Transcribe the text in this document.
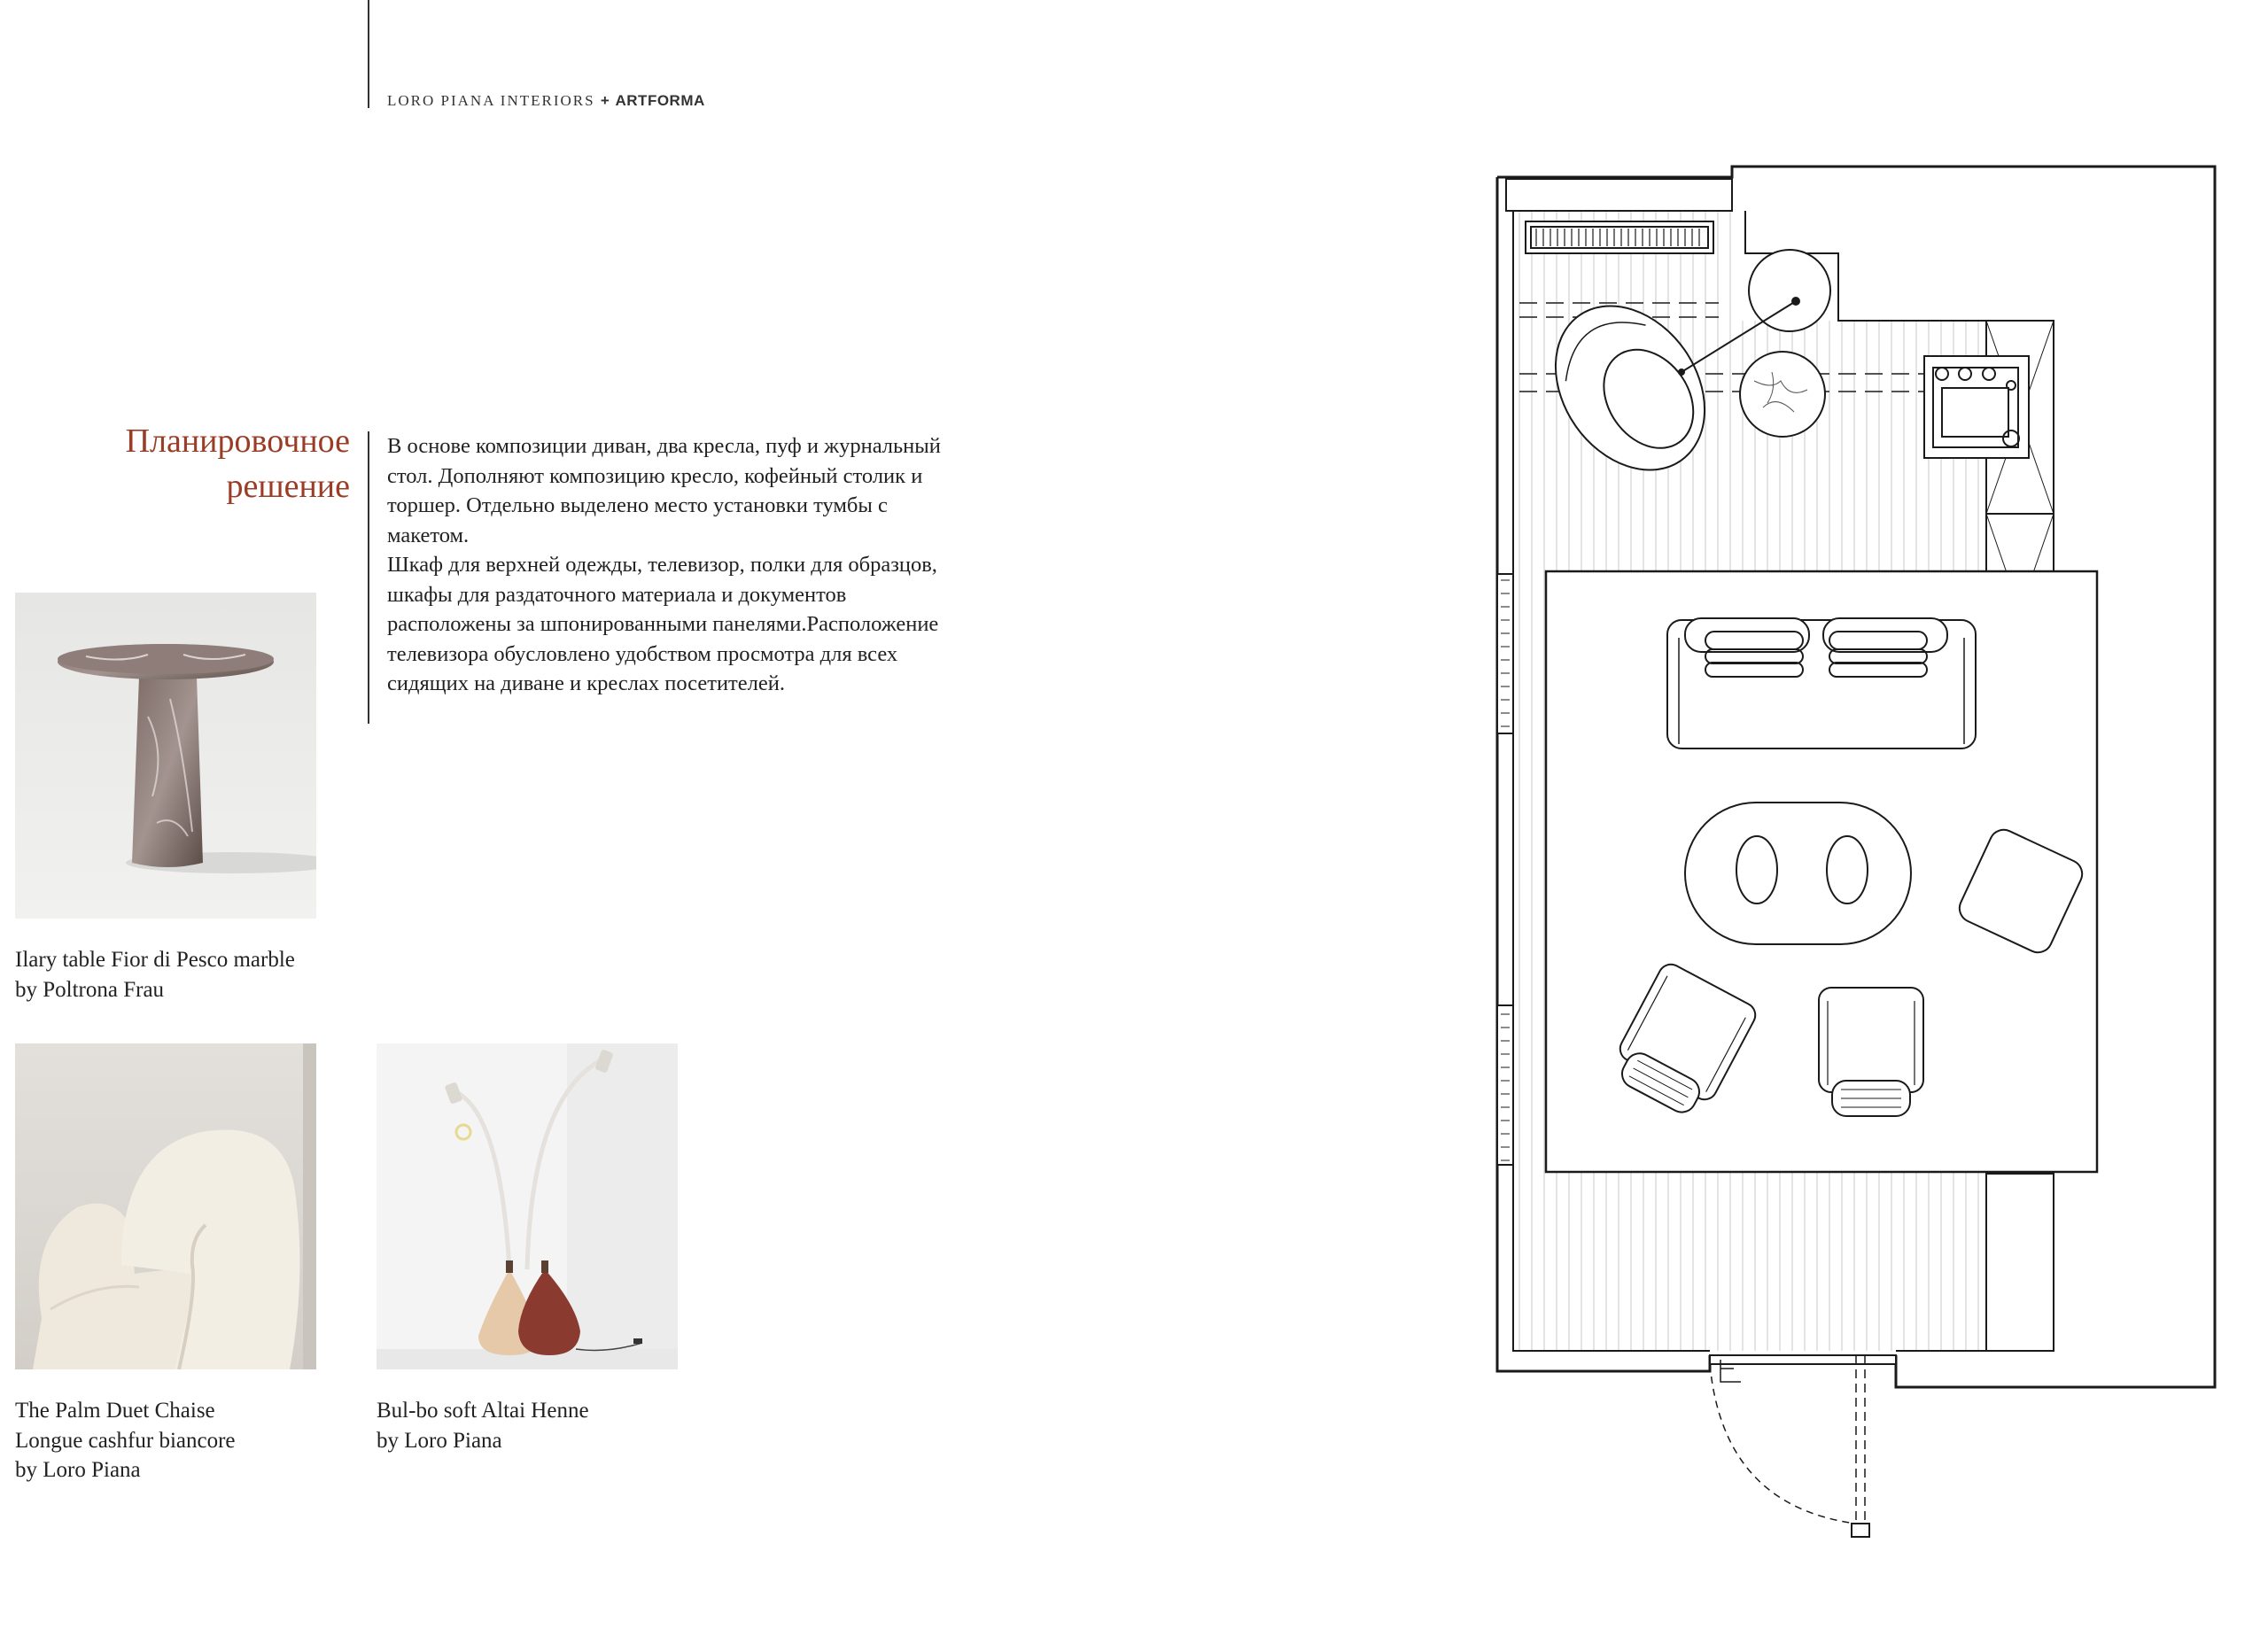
LORO PIANA INTERIORS + ARTFORMA
Планировочное
решение

В основе композиции диван, два кресла, пуф и журнальный стол. Дополняют композицию кресло, кофейный столик и торшер. Отдельно выделено место установки тумбы с макетом.

Шкаф для верхней одежды, телевизор, полки для образцов, шкафы для раздаточного материала и документов расположены за шпонированными панелями.Расположение телевизора обусловлено удобством просмотра для всех сидящих на диване и креслах посетителей.

Ilary table Fior di Pesco marble
by Poltrona Frau
The Palm Duet Chaise
Longue cashfur biancore
by Loro Piana
Bul-bo soft Altai Henne
by Loro Piana
